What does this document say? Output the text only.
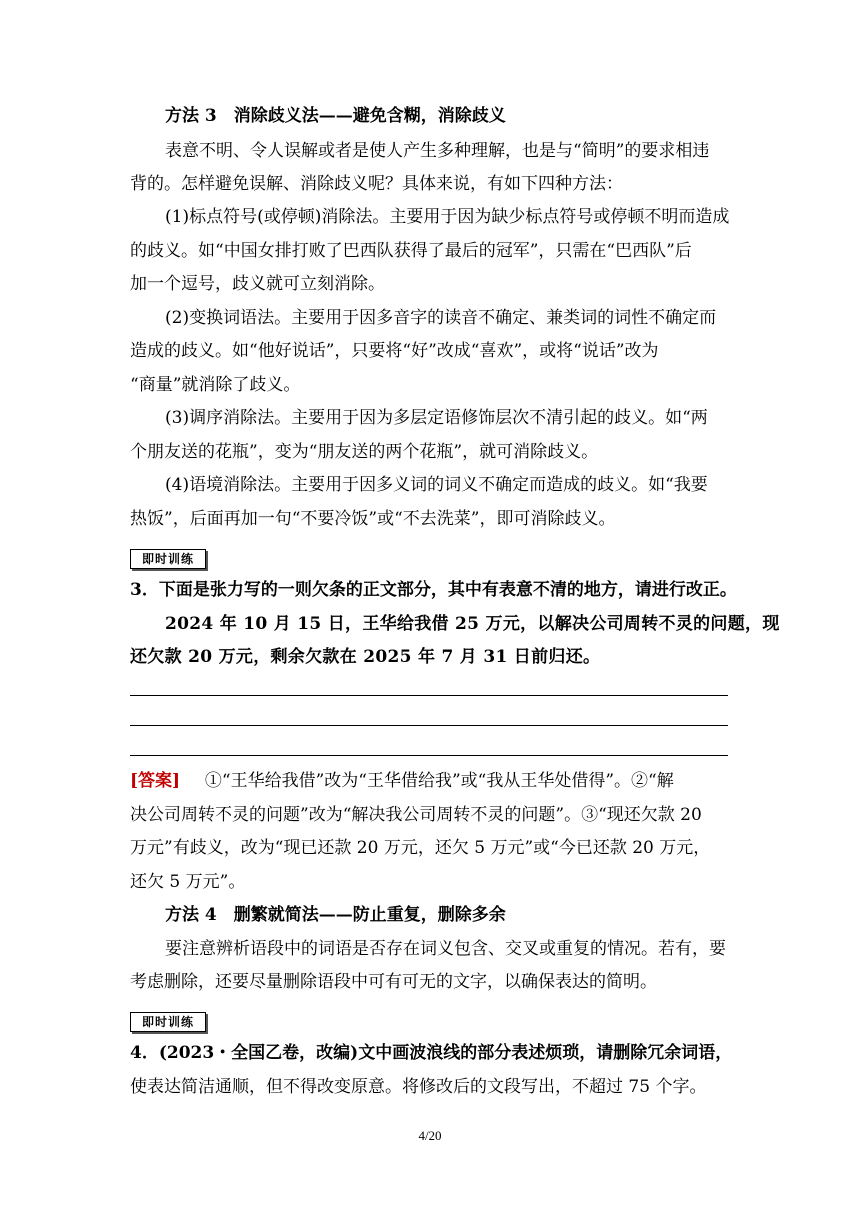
方法 3　消除歧义法——避免含糊，消除歧义
表意不明、令人误解或者是使人产生多种理解，也是与“简明”的要求相违
背的。怎样避免误解、消除歧义呢？具体来说，有如下四种方法：
(1)标点符号(或停顿)消除法。主要用于因为缺少标点符号或停顿不明而造成
的歧义。如“中国女排打败了巴西队获得了最后的冠军”，只需在“巴西队”后
加一个逗号，歧义就可立刻消除。
(2)变换词语法。主要用于因多音字的读音不确定、兼类词的词性不确定而
造成的歧义。如“他好说话”，只要将“好”改成“喜欢”，或将“说话”改为
“商量”就消除了歧义。
(3)调序消除法。主要用于因为多层定语修饰层次不清引起的歧义。如“两
个朋友送的花瓶”，变为“朋友送的两个花瓶”，就可消除歧义。
(4)语境消除法。主要用于因多义词的词义不确定而造成的歧义。如“我要
热饭”，后面再加一句“不要冷饭”或“不去洗菜”，即可消除歧义。
即时训练
3．下面是张力写的一则欠条的正文部分，其中有表意不清的地方，请进行改正。
2024 年 10 月 15 日，王华给我借 25 万元，以解决公司周转不灵的问题，现
还欠款 20 万元，剩余欠款在 2025 年 7 月 31 日前归还。
[答案] ①“王华给我借”改为“王华借给我”或“我从王华处借得”。②“解
决公司周转不灵的问题”改为“解决我公司周转不灵的问题”。③“现还欠款 20
万元”有歧义，改为“现已还款 20 万元，还欠 5 万元”或“今已还款 20 万元，
还欠 5 万元”。
方法 4　删繁就简法——防止重复，删除多余
要注意辨析语段中的词语是否存在词义包含、交叉或重复的情况。若有，要
考虑删除，还要尽量删除语段中可有可无的文字，以确保表达的简明。
即时训练
4．(2023・全国乙卷，改编)文中画波浪线的部分表述烦琐，请删除冗余词语，
使表达简洁通顺，但不得改变原意。将修改后的文段写出，不超过 75 个字。
4/20
